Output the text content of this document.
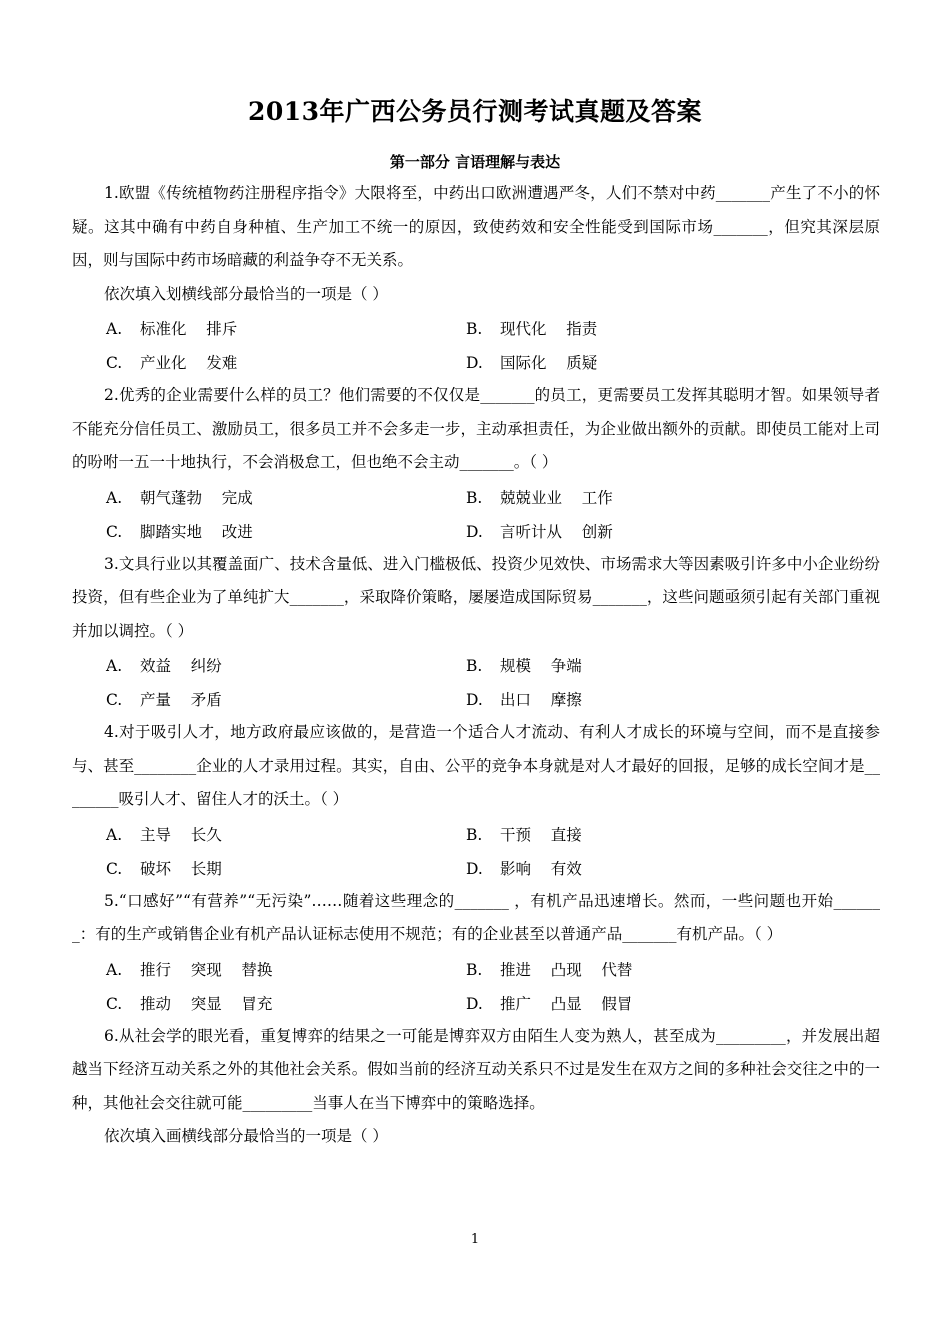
2013年广西公务员行测考试真题及答案
第一部分 言语理解与表达

1.欧盟《传统植物药注册程序指令》大限将至，中药出口欧洲遭遇严冬，人们不禁对中药_______产生了不小的怀疑。这其中确有中药自身种植、生产加工不统一的原因，致使药效和安全性能受到国际市场_______，但究其深层原因，则与国际中药市场暗藏的利益争夺不无关系。

依次填入划横线部分最恰当的一项是（ ）

A. 标准化    排斥	B. 现代化    指责
C. 产业化    发难	D. 国际化    质疑

2.优秀的企业需要什么样的员工？他们需要的不仅仅是_______的员工，更需要员工发挥其聪明才智。如果领导者不能充分信任员工、激励员工，很多员工并不会多走一步，主动承担责任，为企业做出额外的贡献。即使员工能对上司的吩咐一五一十地执行，不会消极怠工，但也绝不会主动_______。（ ）

A. 朝气蓬勃    完成	B. 兢兢业业    工作
C. 脚踏实地    改进	D. 言听计从    创新

3.文具行业以其覆盖面广、技术含量低、进入门槛极低、投资少见效快、市场需求大等因素吸引许多中小企业纷纷投资，但有些企业为了单纯扩大_______，采取降价策略，屡屡造成国际贸易_______，这些问题亟须引起有关部门重视并加以调控。（ ）

A. 效益    纠纷	B. 规模    争端
C. 产量    矛盾	D. 出口    摩擦

4.对于吸引人才，地方政府最应该做的，是营造一个适合人才流动、有利人才成长的环境与空间，而不是直接参与、甚至________企业的人才录用过程。其实，自由、公平的竞争本身就是对人才最好的回报，足够的成长空间才是________吸引人才、留住人才的沃土。（ ）

A. 主导    长久	B. 干预    直接
C. 破坏    长期	D. 影响    有效

5.“口感好”“有营养”“无污染”……随着这些理念的_______ ，有机产品迅速增长。然而，一些问题也开始_______：有的生产或销售企业有机产品认证标志使用不规范；有的企业甚至以普通产品_______有机产品。（ ）

A. 推行    突现    替换	B. 推进    凸现    代替
C. 推动    突显    冒充	D. 推广    凸显    假冒

6.从社会学的眼光看，重复博弈的结果之一可能是博弈双方由陌生人变为熟人，甚至成为_________，并发展出超越当下经济互动关系之外的其他社会关系。假如当前的经济互动关系只不过是发生在双方之间的多种社会交往之中的一种，其他社会交往就可能_________当事人在当下博弈中的策略选择。

依次填入画横线部分最恰当的一项是（ ）

1
